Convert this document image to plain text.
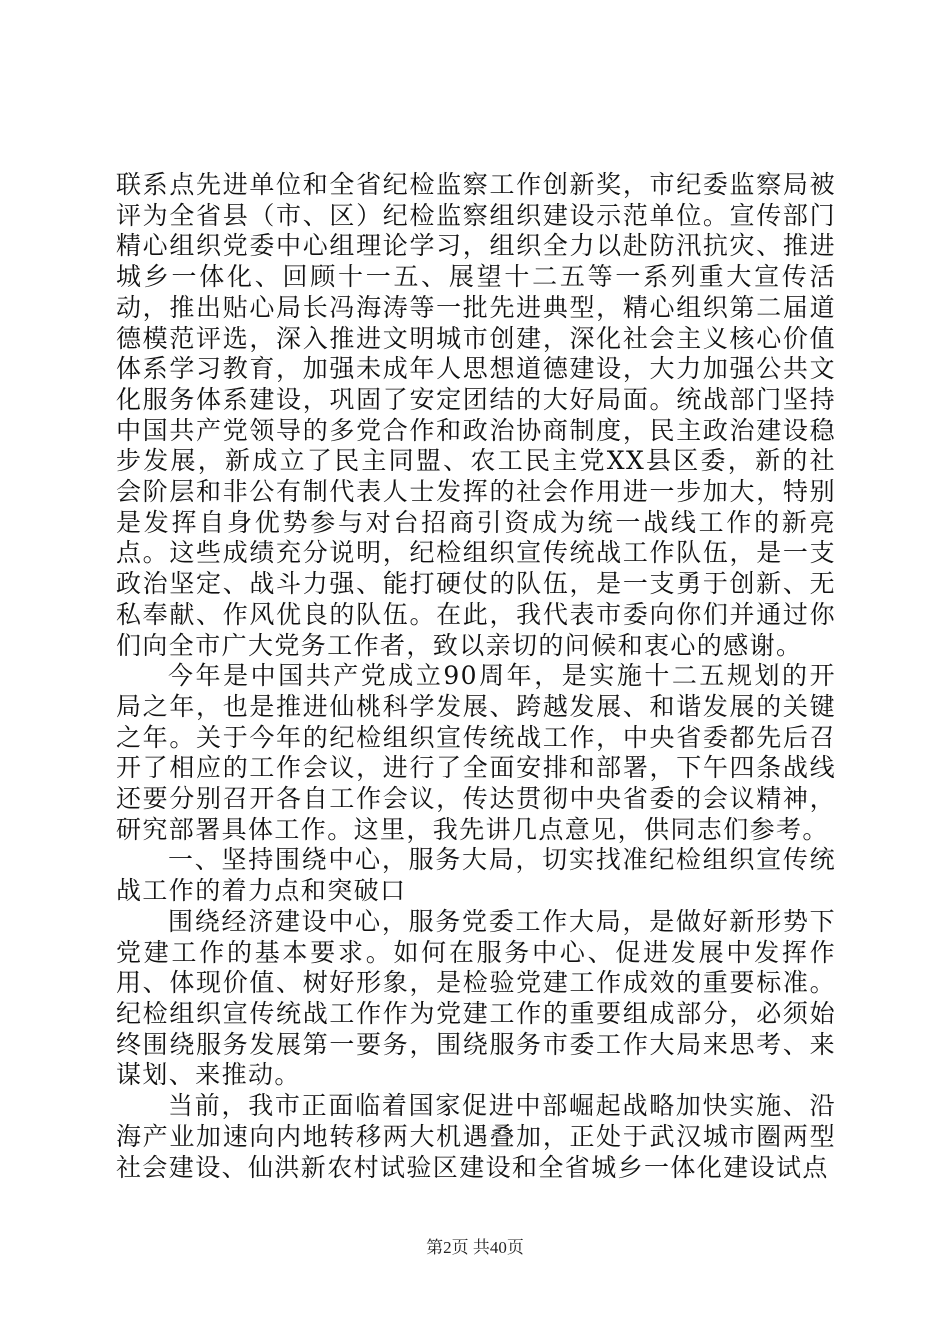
联系点先进单位和全省纪检监察工作创新奖，市纪委监察局被评为全省县（市、区）纪检监察组织建设示范单位。宣传部门精心组织党委中心组理论学习，组织全力以赴防汛抗灾、推进城乡一体化、回顾十一五、展望十二五等一系列重大宣传活动，推出贴心局长冯海涛等一批先进典型，精心组织第二届道德模范评选，深入推进文明城市创建，深化社会主义核心价值体系学习教育，加强未成年人思想道德建设，大力加强公共文化服务体系建设，巩固了安定团结的大好局面。统战部门坚持中国共产党领导的多党合作和政治协商制度，民主政治建设稳步发展，新成立了民主同盟、农工民主党XX县区委，新的社会阶层和非公有制代表人士发挥的社会作用进一步加大，特别是发挥自身优势参与对台招商引资成为统一战线工作的新亮点。这些成绩充分说明，纪检组织宣传统战工作队伍，是一支政治坚定、战斗力强、能打硬仗的队伍，是一支勇于创新、无私奉献、作风优良的队伍。在此，我代表市委向你们并通过你们向全市广大党务工作者，致以亲切的问候和衷心的感谢。

今年是中国共产党成立90周年，是实施十二五规划的开局之年，也是推进仙桃科学发展、跨越发展、和谐发展的关键之年。关于今年的纪检组织宣传统战工作，中央省委都先后召开了相应的工作会议，进行了全面安排和部署，下午四条战线还要分别召开各自工作会议，传达贯彻中央省委的会议精神，研究部署具体工作。这里，我先讲几点意见，供同志们参考。

一、坚持围绕中心，服务大局，切实找准纪检组织宣传统战工作的着力点和突破口

围绕经济建设中心，服务党委工作大局，是做好新形势下党建工作的基本要求。如何在服务中心、促进发展中发挥作用、体现价值、树好形象，是检验党建工作成效的重要标准。纪检组织宣传统战工作作为党建工作的重要组成部分，必须始终围绕服务发展第一要务，围绕服务市委工作大局来思考、来谋划、来推动。

当前，我市正面临着国家促进中部崛起战略加快实施、沿海产业加速向内地转移两大机遇叠加，正处于武汉城市圈两型社会建设、仙洪新农村试验区建设和全省城乡一体化建设试点

第2页 共40页
